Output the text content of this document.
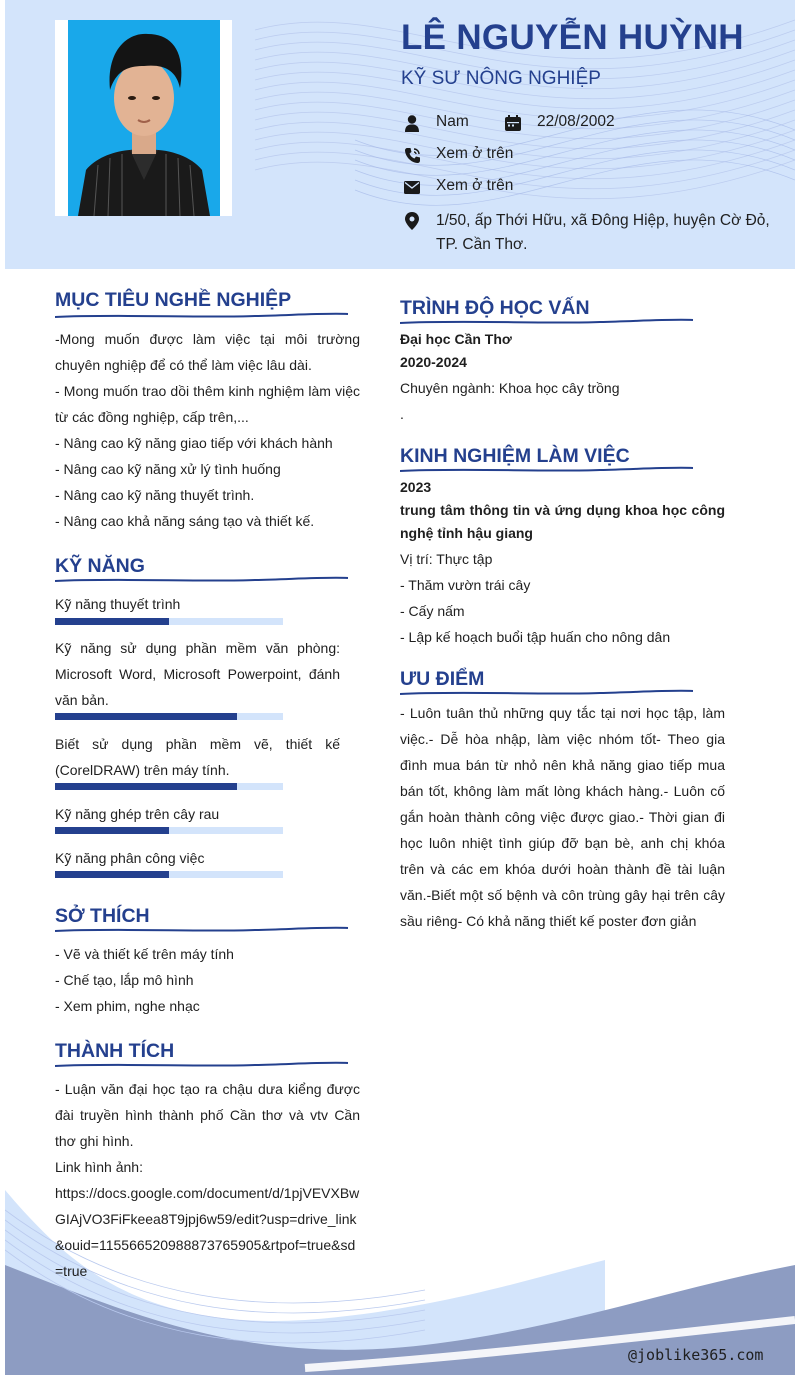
LÊ NGUYỄN HUỲNH
KỸ SƯ NÔNG NGHIỆP
Nam	22/08/2002
Xem ở trên
Xem ở trên
1/50, ấp Thới Hữu, xã Đông Hiệp, huyện Cờ Đỏ,
TP. Cần Thơ.
MỤC TIÊU NGHỀ NGHIỆP
-Mong muốn được làm việc tại môi trường chuyên nghiệp để có thể làm việc lâu dài.
- Mong muốn trao dồi thêm kinh nghiệm làm việc từ các đồng nghiệp, cấp trên,...
- Nâng cao kỹ năng giao tiếp với khách hành
- Nâng cao kỹ năng xử lý tình huống
- Nâng cao kỹ năng thuyết trình.
- Nâng cao khả năng sáng tạo và thiết kế.
KỸ NĂNG
Kỹ năng thuyết trình
Kỹ năng sử dụng phần mềm văn phòng: Microsoft Word, Microsoft Powerpoint, đánh văn bản.
Biết sử dụng phần mềm vẽ, thiết kế (CorelDRAW) trên máy tính.
Kỹ năng ghép trên cây rau
Kỹ năng phân công việc
SỞ THÍCH
- Vẽ và thiết kế trên máy tính
- Chế tạo, lắp mô hình
- Xem phim, nghe nhạc
THÀNH TÍCH
- Luận văn đại học tạo ra chậu dưa kiểng được đài truyền hình thành phố Cần thơ và vtv Cần thơ ghi hình.
Link hình ảnh:
https://docs.google.com/document/d/1pjVEVXBwGIAjVO3FiFkeea8T9jpj6w59/edit?usp=drive_link&ouid=115566520988873765905&rtpof=true&sd=true
TRÌNH ĐỘ HỌC VẤN
Đại học Cần Thơ
2020-2024
Chuyên ngành: Khoa học cây trồng
.
KINH NGHIỆM LÀM VIỆC
2023
trung tâm thông tin và ứng dụng khoa học công nghệ tỉnh hậu giang
Vị trí: Thực tập
- Thăm vườn trái cây
- Cấy nấm
- Lập kế hoạch buổi tập huấn cho nông dân
ƯU ĐIỂM
- Luôn tuân thủ những quy tắc tại nơi học tập, làm việc.- Dễ hòa nhập, làm việc nhóm tốt- Theo gia đình mua bán từ nhỏ nên khả năng giao tiếp mua bán tốt, không làm mất lòng khách hàng.- Luôn cố gắn hoàn thành công việc được giao.- Thời gian đi học luôn nhiệt tình giúp đỡ bạn bè, anh chị khóa trên và các em khóa dưới hoàn thành đề tài luận văn.-Biết một số bệnh và côn trùng gây hại trên cây sầu riêng- Có khả năng thiết kế poster đơn giản
@joblike365.com
